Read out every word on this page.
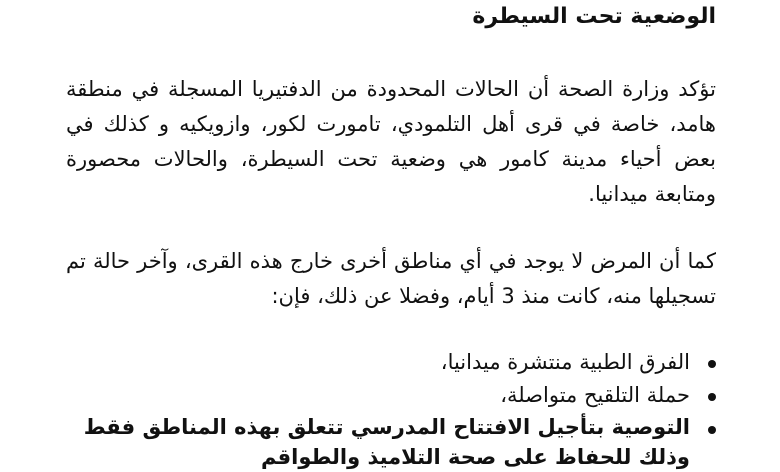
الوضعية تحت السيطرة

تؤكد وزارة الصحة أن الحالات المحدودة من الدفتيريا المسجلة في منطقة هامد، خاصة في قرى أهل التلمودي، تامورت لكور، وازويكيه و كذلك في بعض أحياء مدينة كامور هي وضعية تحت السيطرة، والحالات محصورة ومتابعة ميدانيا.

كما أن المرض لا يوجد في أي مناطق أخرى خارج هذه القرى، وآخر حالة تم تسجيلها منه، كانت منذ 3 أيام، وفضلا عن ذلك، فإن:

الفرق الطبية منتشرة ميدانيا،
حملة التلقيح متواصلة،
التوصية بتأجيل الافتتاح المدرسي تتعلق بهذه المناطق فقط وذلك للحفاظ على صحة التلاميذ والطواقم
